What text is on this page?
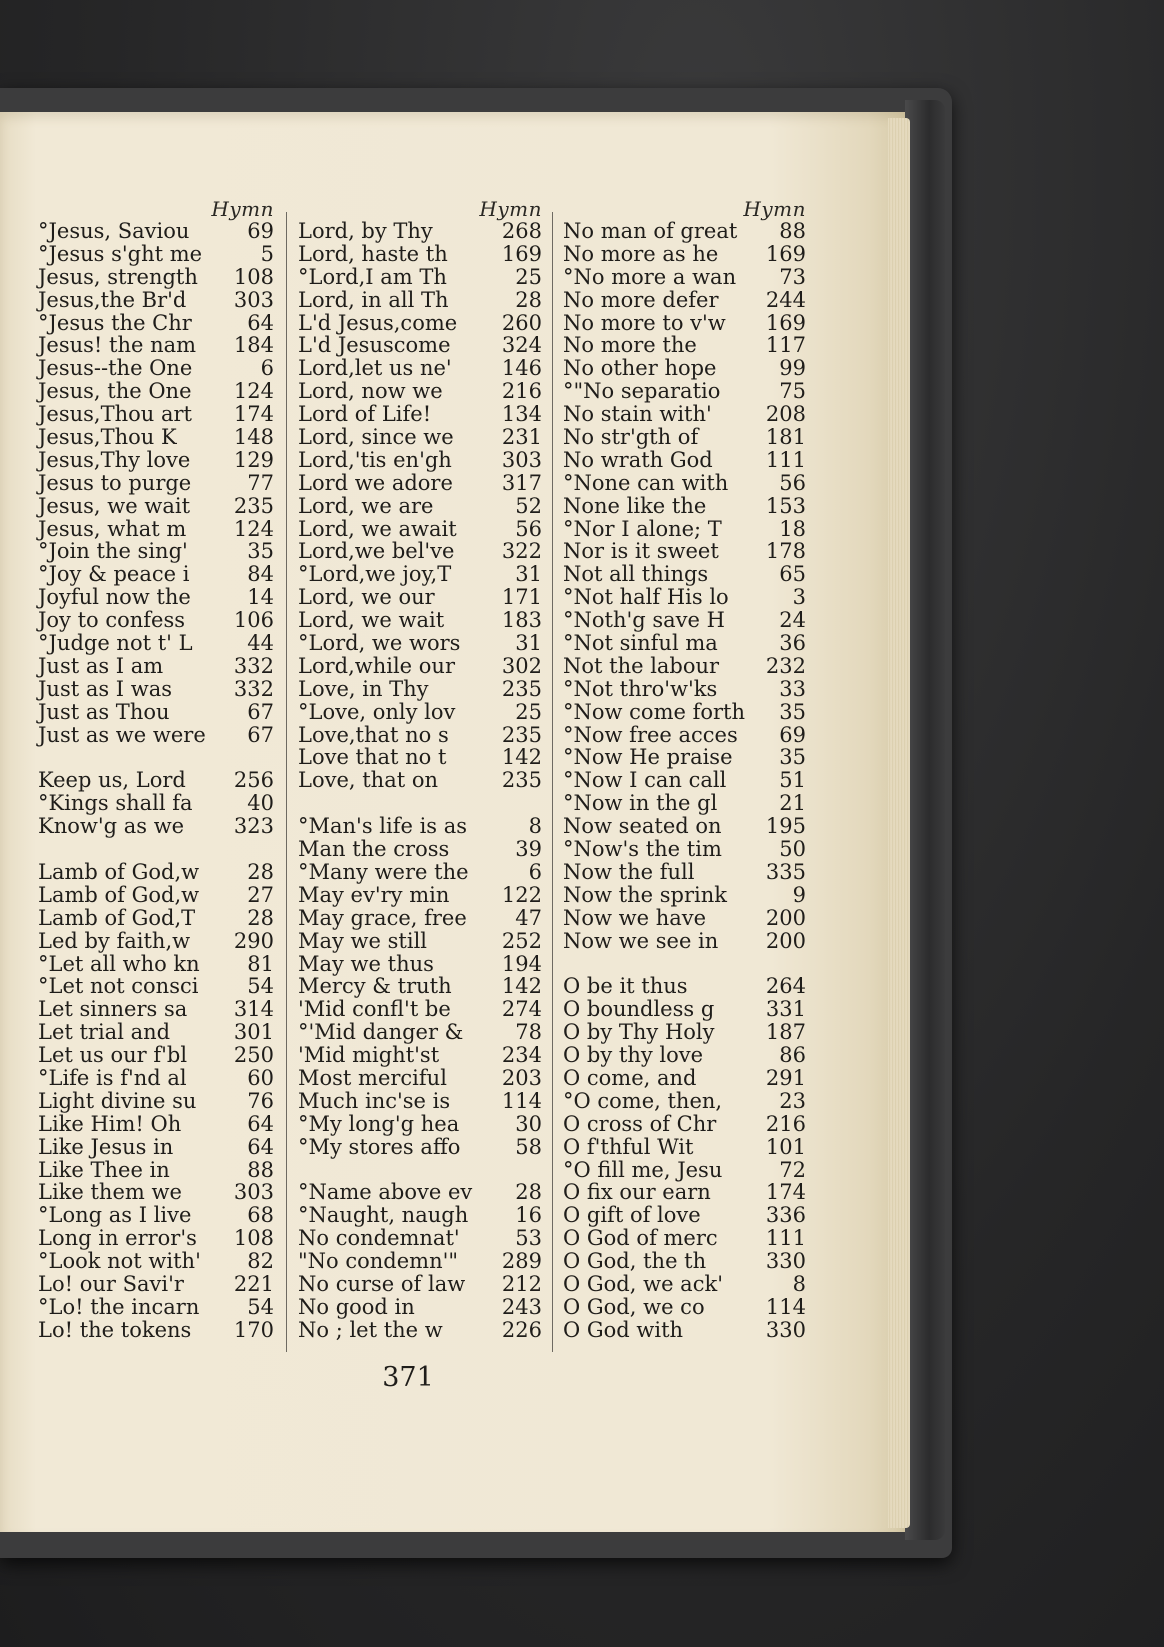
Hymn
°Jesus, Saviou	69
°Jesus s'ght me	5
Jesus, strength 108
Jesus,the Br'd 303
°Jesus the Chr	64
Jesus! the nam 184
Jesus--the One	6
Jesus, the One 124
Jesus,Thou art 174
Jesus,Thou K	148
Jesus,Thy love 129
Jesus to purge	77
Jesus, we wait 235
Jesus, what m 124
°Join the sing'	35
°Joy & peace i	84
Joyful now the	14
Joy to confess 106
°Judge not t' L	44
Just as I am	332
Just as I was	332
Just as Thou	67
Just as we were 67
Keep us, Lord 256
°Kings shall fa	40
Know'g as we 323
Lamb of God,w 28
Lamb of God,w 27
Lamb of God,T 28
Led by faith,w 290
°Let all who kn 81
°Let not consci 54
Let sinners sa 314
Let trial and	301
Let us our f'bl 250
°Life is f'nd al	60
Light divine su 76
Like Him! Oh	64
Like Jesus in	64
Like Thee in	88
Like them we 303
°Long as I live	68
Long in error's 108
°Look not with' 82
Lo! our Savi'r 221
°Lo! the incarn 54
Lo! the tokens 170
Hymn
Lord, by Thy	268
Lord, haste th	169
°Lord,I am Th	25
Lord, in all Th	28
L'd Jesus,come 260
L'd Jesuscome 324
Lord,let us ne' 146
Lord, now we	216
Lord of Life!	134
Lord, since we 231
Lord,'tis en'gh 303
Lord we adore 317
Lord, we are	52
Lord, we await	56
Lord,we bel've 322
°Lord,we joy,T	31
Lord, we our	171
Lord, we wait	183
°Lord, we wors	31
Lord,while our 302
Love, in Thy	235
°Love, only lov	25
Love,that no s	235
Love that no t	142
Love, that on	235
°Man's life is as	8
Man the cross	39
°Many were the	6
May ev'ry min	122
May grace, free 47
May we still	252
May we thus	194
Mercy & truth 142
'Mid confl't be 274
°'Mid danger & 78
'Mid might'st	234
Most merciful	203
Much inc'se is 114
°My long'g hea	30
°My stores affo	58
°Name above ev 28
°Naught, naugh 16
No condemnat'	53
"No condemn'" 289
No curse of law 212
No good in	243
No ; let the w	226
Hymn
No man of great 88
No more as he 169
°No more a wan 73
No more defer 244
No more to v'w 169
No more the	117
No other hope	99
°"No separatio	75
No stain with'	208
No str'gth of	181
No wrath God	111
°None can with 56
None like the	153
°Nor I alone; T	18
Nor is it sweet 178
Not all things	65
°Not half His lo	3
°Noth'g save H	24
°Not sinful ma	36
Not the labour 232
°Not thro'w'ks	33
°Now come forth 35
°Now free acces 69
°Now He praise 35
°Now I can call	51
°Now in the gl	21
Now seated on 195
°Now's the tim	50
Now the full	335
Now the sprink	9
Now we have	200
Now we see in 200
O be it thus	264
O boundless g 331
O by Thy Holy 187
O by thy love	86
O come, and	291
°O come, then,	23
O cross of Chr 216
O f'thful Wit	101
°O fill me, Jesu	72
O fix our earn	174
O gift of love	336
O God of merc 111
O God, the th	330
O God, we ack'	8
O God, we co	114
O God with	330
371
